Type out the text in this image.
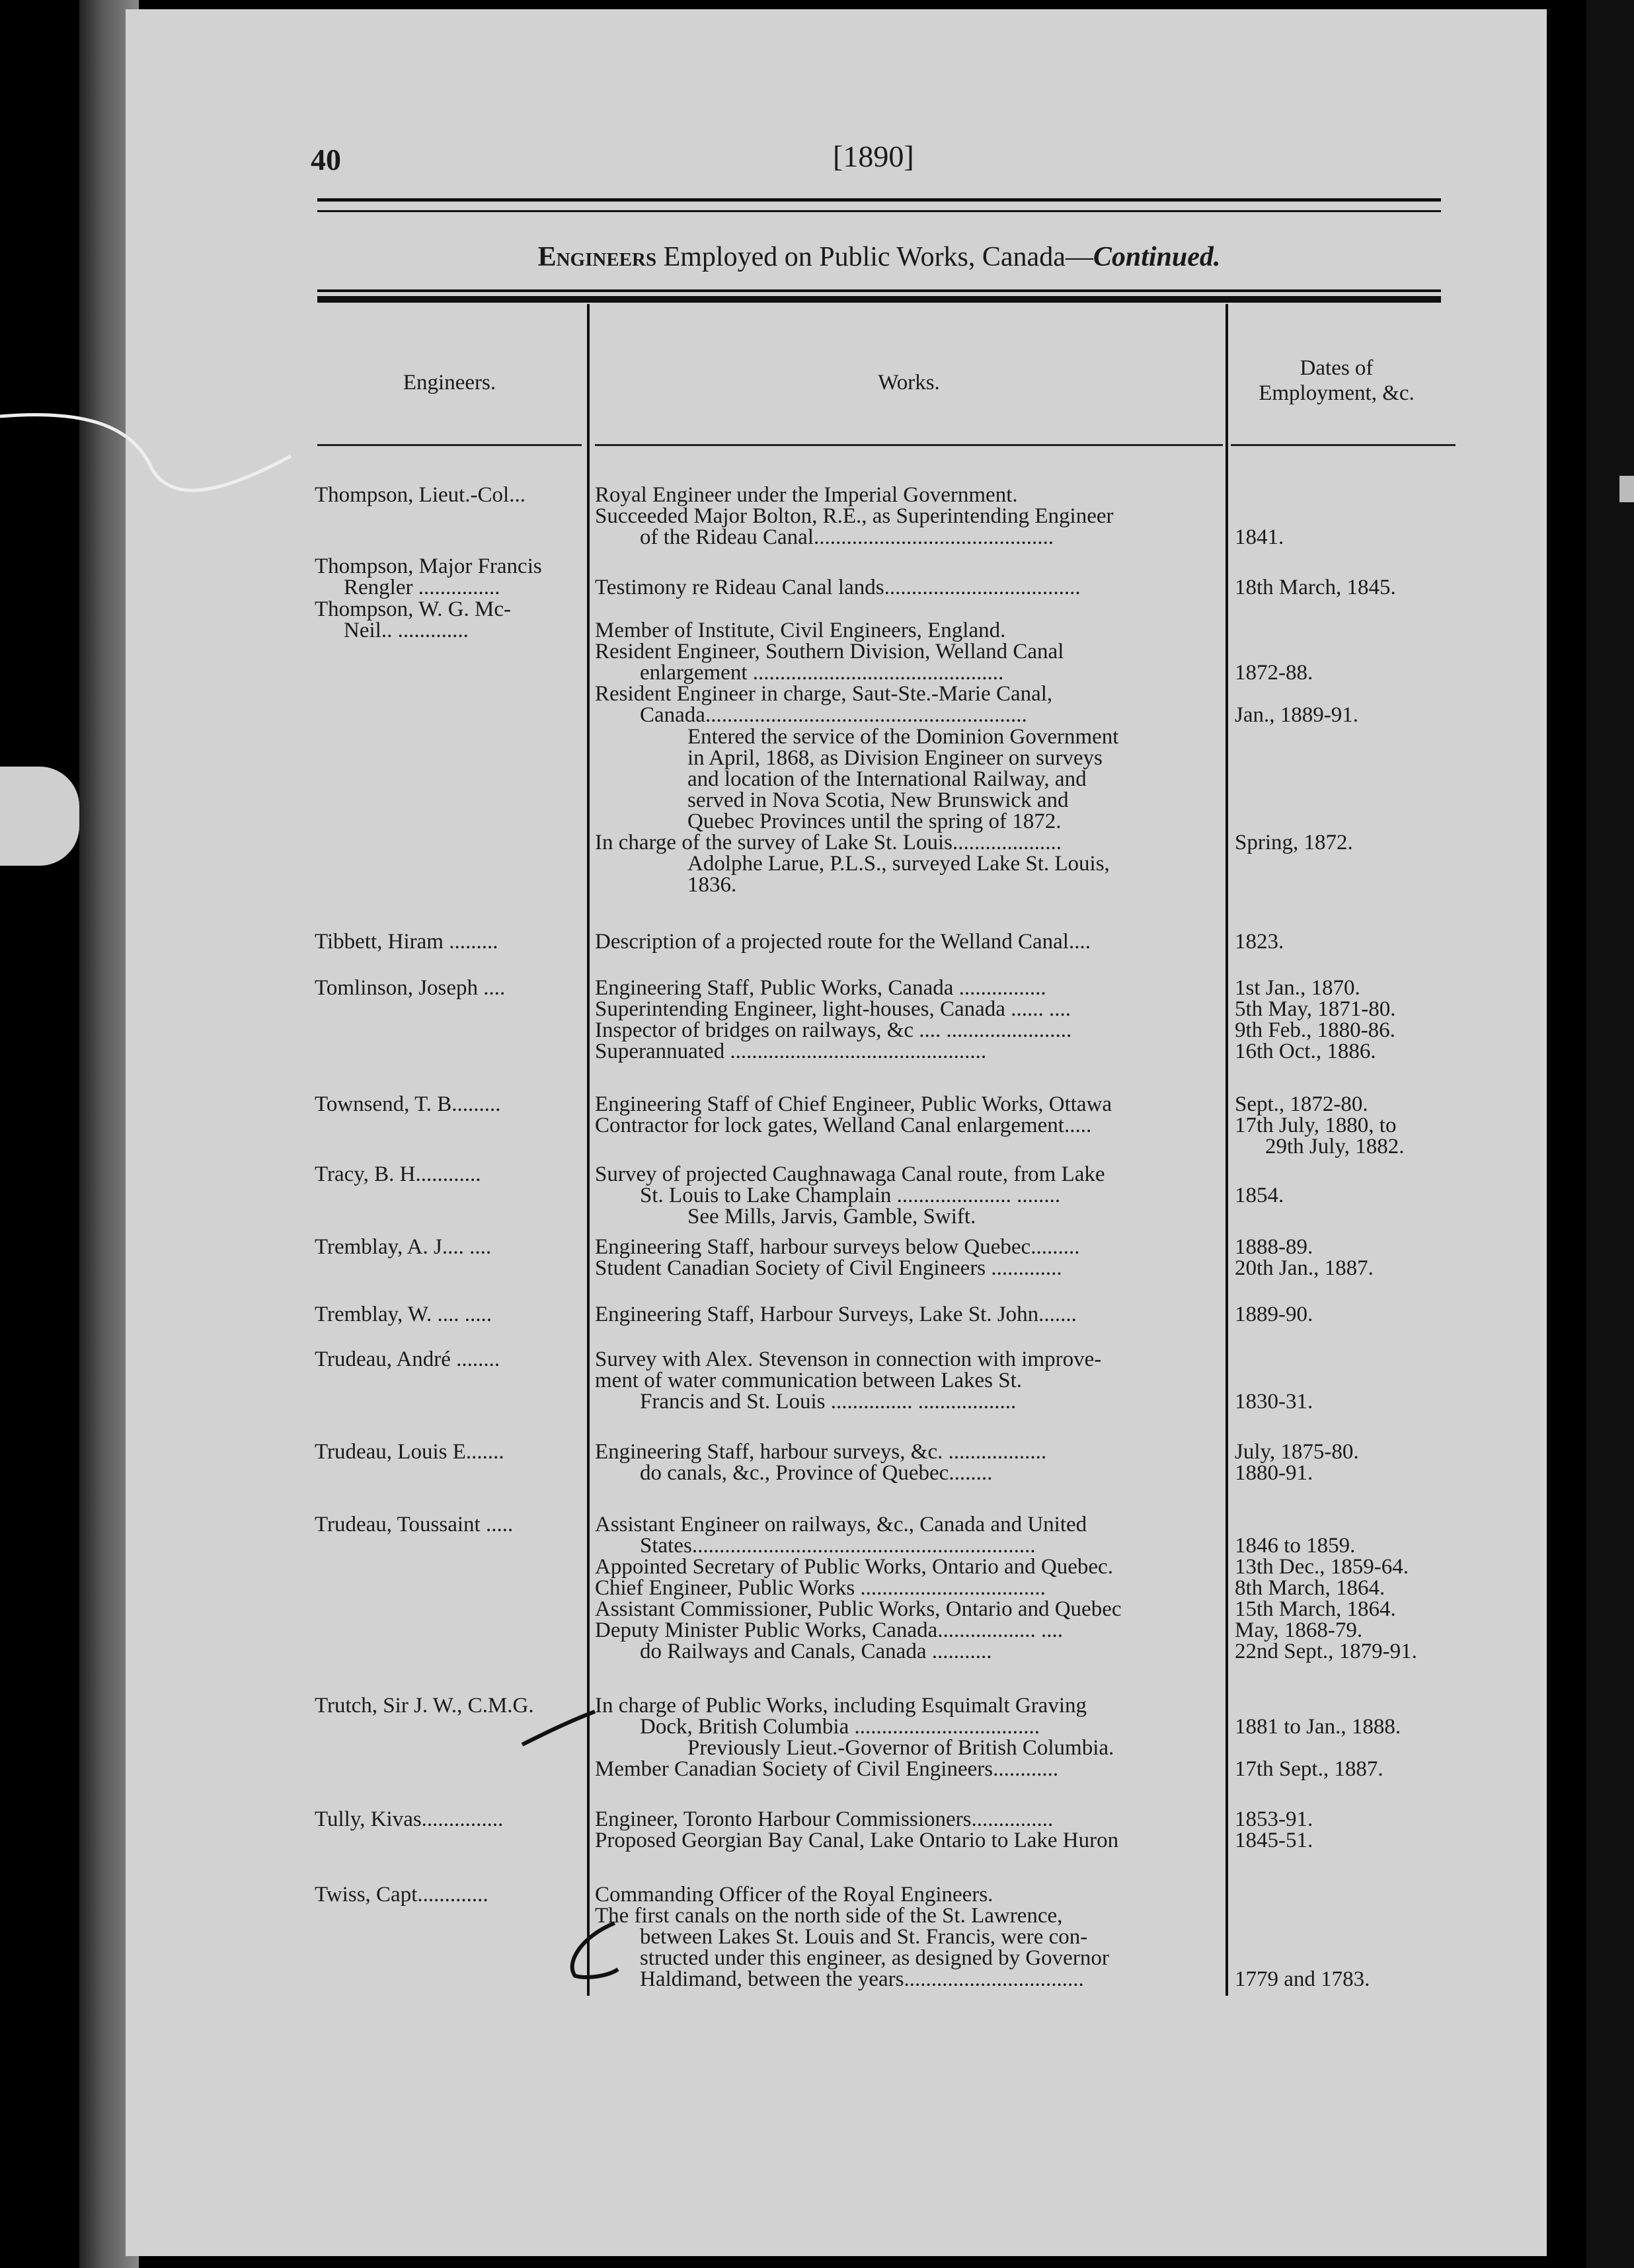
40	[1890]
Engineers Employed on Public Works, Canada—Continued.
Engineers.	Works.
Dates of
Employment, &c.
Thompson, Lieut.-Col...	Royal Engineer under the Imperial Government.
Succeeded Major Bolton, R.E., as Superintending Engineer
of the Rideau Canal............................................	1841.
Thompson, Major Francis
Rengler ...............	Testimony re Rideau Canal lands....................................	18th March, 1845.
Thompson, W. G. Mc-
Neil.. .............	Member of Institute, Civil Engineers, England.
Resident Engineer, Southern Division, Welland Canal
enlargement ..............................................	1872-88.
Resident Engineer in charge, Saut-Ste.-Marie Canal,
Canada...........................................................	Jan., 1889-91.
Entered the service of the Dominion Government
in April, 1868, as Division Engineer on surveys
and location of the International Railway, and
served in Nova Scotia, New Brunswick and
Quebec Provinces until the spring of 1872.
In charge of the survey of Lake St. Louis....................	Spring, 1872.
Adolphe Larue, P.L.S., surveyed Lake St. Louis,
1836.
Tibbett, Hiram .........	Description of a projected route for the Welland Canal....	1823.
Tomlinson, Joseph ....	Engineering Staff, Public Works, Canada ................	1st Jan., 1870.
Superintending Engineer, light-houses, Canada ...... ....	5th May, 1871-80.
Inspector of bridges on railways, &c .... .......................	9th Feb., 1880-86.
Superannuated ...............................................	16th Oct., 1886.
Townsend, T. B.........	Engineering Staff of Chief Engineer, Public Works, Ottawa	Sept., 1872-80.
Contractor for lock gates, Welland Canal enlargement.....	17th July, 1880, to
29th July, 1882.
Tracy, B. H............	Survey of projected Caughnawaga Canal route, from Lake
St. Louis to Lake Champlain ..................... ........	1854.
See Mills, Jarvis, Gamble, Swift.
Tremblay, A. J.... ....	Engineering Staff, harbour surveys below Quebec.........	1888-89.
Student Canadian Society of Civil Engineers .............	20th Jan., 1887.
Tremblay, W. .... .....	Engineering Staff, Harbour Surveys, Lake St. John.......	1889-90.
Trudeau, André ........	Survey with Alex. Stevenson in connection with improve-
ment of water communication between Lakes St.
Francis and St. Louis ............... ..................	1830-31.
Trudeau, Louis E.......	Engineering Staff, harbour surveys, &c. ..................	July, 1875-80.
do canals, &c., Province of Quebec........	1880-91.
Trudeau, Toussaint .....	Assistant Engineer on railways, &c., Canada and United
States...............................................................	1846 to 1859.
Appointed Secretary of Public Works, Ontario and Quebec.	13th Dec., 1859-64.
Chief Engineer, Public Works ..................................	8th March, 1864.
Assistant Commissioner, Public Works, Ontario and Quebec	15th March, 1864.
Deputy Minister Public Works, Canada.................. ....	May, 1868-79.
do Railways and Canals, Canada ...........	22nd Sept., 1879-91.
Trutch, Sir J. W., C.M.G.	In charge of Public Works, including Esquimalt Graving
Dock, British Columbia ..................................	1881 to Jan., 1888.
Previously Lieut.-Governor of British Columbia.
Member Canadian Society of Civil Engineers............	17th Sept., 1887.
Tully, Kivas...............	Engineer, Toronto Harbour Commissioners...............	1853-91.
Proposed Georgian Bay Canal, Lake Ontario to Lake Huron	1845-51.
Twiss, Capt.............	Commanding Officer of the Royal Engineers.
The first canals on the north side of the St. Lawrence,
between Lakes St. Louis and St. Francis, were con-
structed under this engineer, as designed by Governor
Haldimand, between the years.................................	1779 and 1783.
